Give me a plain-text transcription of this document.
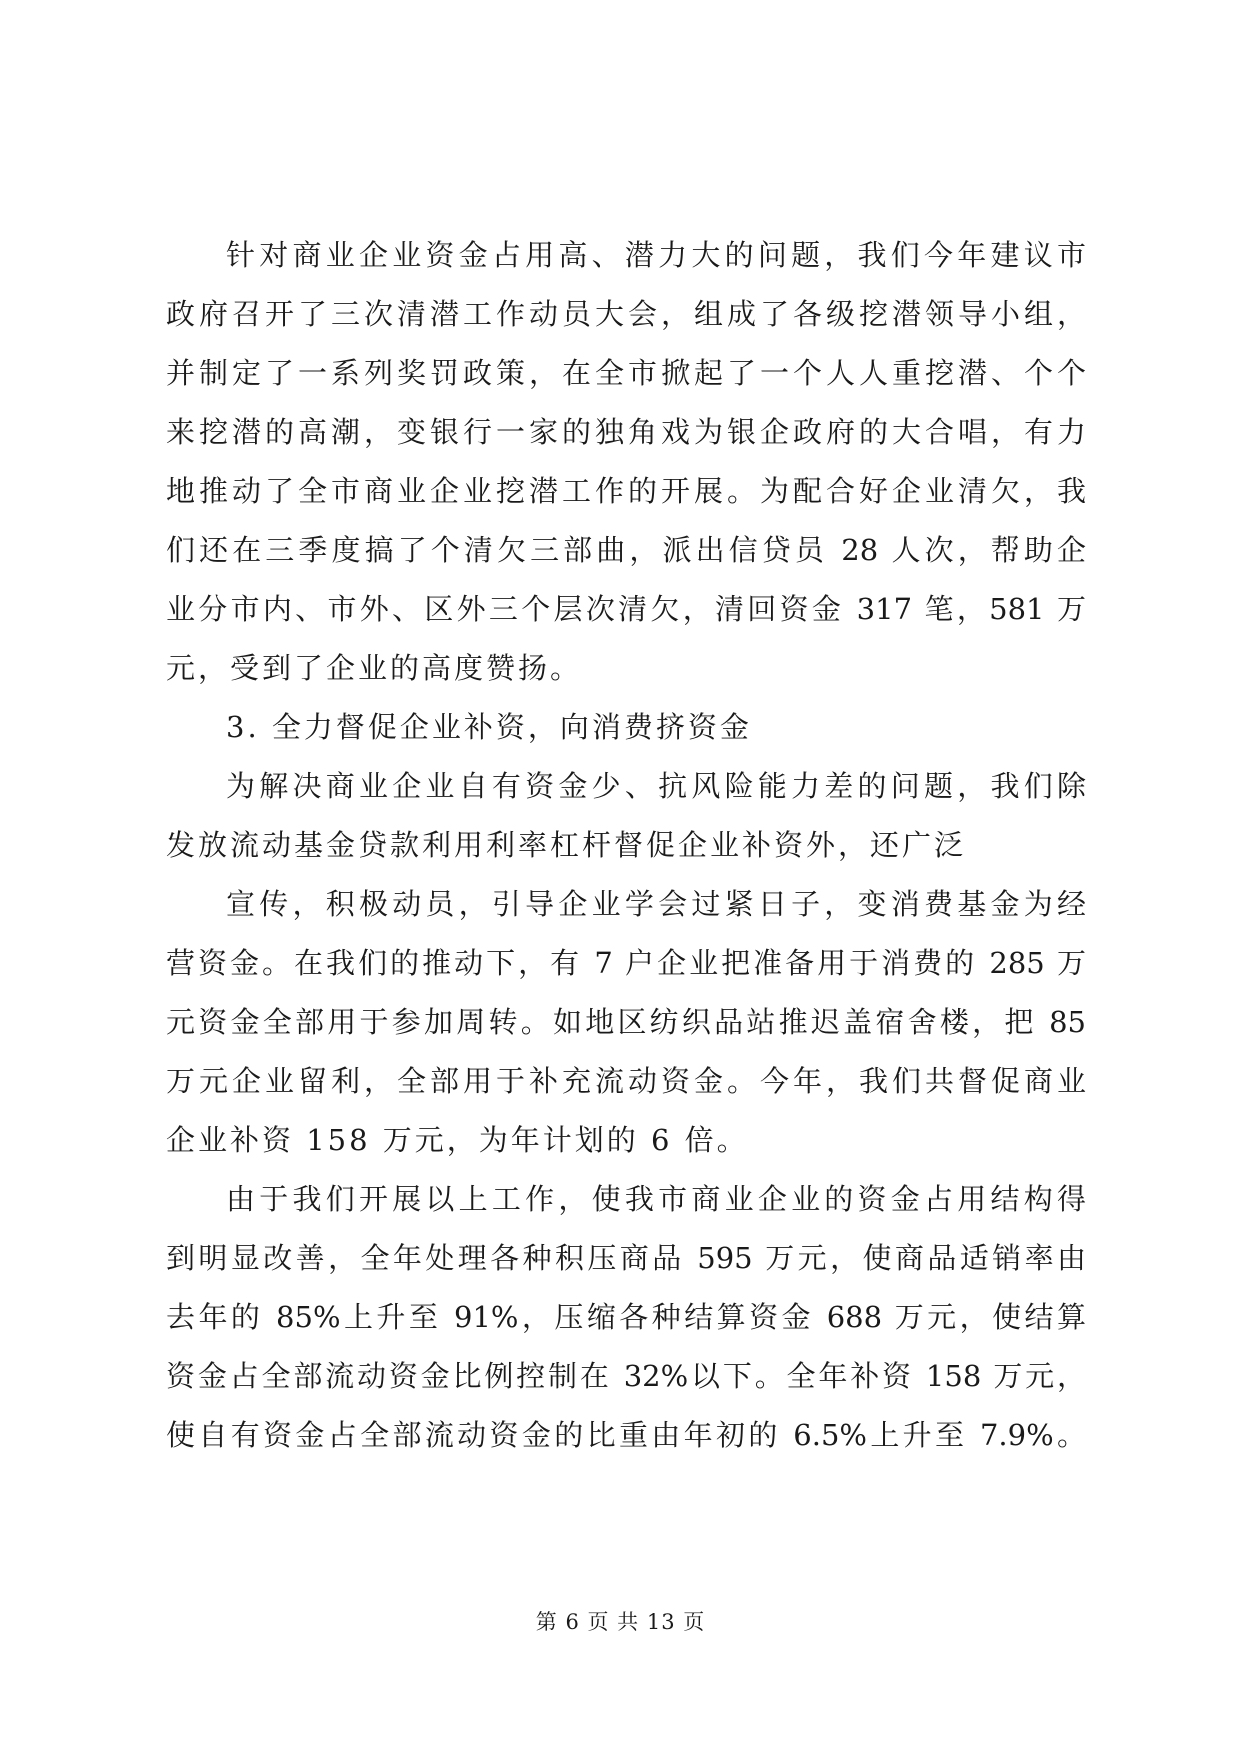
针对商业企业资金占用高、潜力大的问题，我们今年建议市
政府召开了三次清潜工作动员大会，组成了各级挖潜领导小组，
并制定了一系列奖罚政策，在全市掀起了一个人人重挖潜、个个
来挖潜的高潮，变银行一家的独角戏为银企政府的大合唱，有力
地推动了全市商业企业挖潜工作的开展。为配合好企业清欠，我
们还在三季度搞了个清欠三部曲，派出信贷员 28 人次，帮助企
业分市内、市外、区外三个层次清欠，清回资金 317 笔，581 万
元，受到了企业的高度赞扬。
3. 全力督促企业补资，向消费挤资金
为解决商业企业自有资金少、抗风险能力差的问题，我们除
发放流动基金贷款利用利率杠杆督促企业补资外，还广泛
宣传，积极动员，引导企业学会过紧日子，变消费基金为经
营资金。在我们的推动下，有 7 户企业把准备用于消费的 285 万
元资金全部用于参加周转。如地区纺织品站推迟盖宿舍楼，把 85
万元企业留利，全部用于补充流动资金。今年，我们共督促商业
企业补资 158 万元，为年计划的 6 倍。
由于我们开展以上工作，使我市商业企业的资金占用结构得
到明显改善，全年处理各种积压商品 595 万元，使商品适销率由
去年的 85%上升至 91%，压缩各种结算资金 688 万元，使结算
资金占全部流动资金比例控制在 32%以下。全年补资 158 万元，
使自有资金占全部流动资金的比重由年初的 6.5%上升至 7.9%。
第 6 页 共 13 页
